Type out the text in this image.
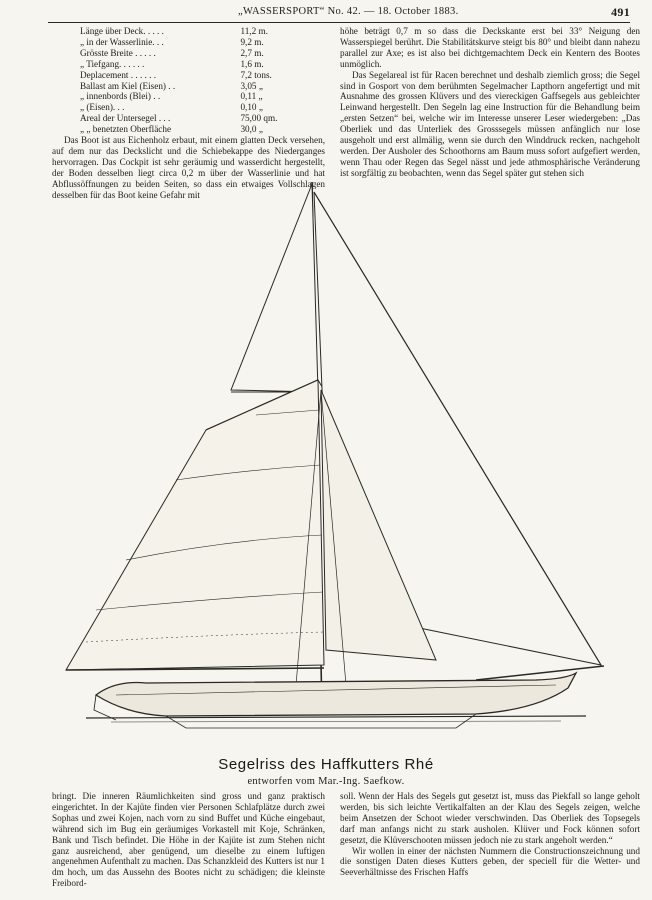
„WASSERSPORT“ No. 42. — 18. October 1883.	491

Länge über Deck. . . . .	11,2 m.
„ in der Wasserlinie. . .	9,2 m.
Grösste Breite . . . . .	2,7 m.
„ Tiefgang. . . . . .	1,6 m.
Deplacement . . . . . .	7,2 tons.
Ballast am Kiel (Eisen) . .	3,05 „
„ innenbords (Blei) . .	0,11 „
„ (Eisen). . .	0,10 „
Areal der Untersegel . . .	75,00 qm.
„ „ benetzten Oberfläche	30,0 „

Das Boot ist aus Eichenholz erbaut, mit einem glatten Deck versehen, auf dem nur das Deckslicht und die Schiebekappe des Niederganges hervorragen. Das Cockpit ist sehr geräumig und wasserdicht hergestellt, der Boden desselben liegt circa 0,2 m über der Wasserlinie und hat Abflussöffnungen zu beiden Seiten, so dass ein etwaiges Vollschlagen desselben für das Boot keine Gefahr mit

höhe beträgt 0,7 m so dass die Deckskante erst bei 33° Neigung den Wasserspiegel berührt. Die Stabilitätskurve steigt bis 80° und bleibt dann nahezu parallel zur Axe; es ist also bei dichtgemachtem Deck ein Kentern des Bootes unmöglich.

Das Segelareal ist für Racen berechnet und deshalb ziemlich gross; die Segel sind in Gosport von dem berühmten Segelmacher Lapthorn angefertigt und mit Ausnahme des grossen Klüvers und des viereckigen Gaffsegels aus gebleichter Leinwand hergestellt. Den Segeln lag eine Instruction für die Behandlung beim „ersten Setzen“ bei, welche wir im Interesse unserer Leser wiedergeben: „Das Oberliek und das Unterliek des Grosssegels müssen anfänglich nur lose ausgeholt und erst allmälig, wenn sie durch den Winddruck recken, nachgeholt werden. Der Ausholer des Schoothorns am Baum muss sofort aufgefiert werden, wenn Thau oder Regen das Segel nässt und jede athmosphärische Veränderung ist sorgfältig zu beobachten, wenn das Segel später gut stehen sich

Segelriss des Haffkutters Rhé
entworfen vom Mar.-Ing. Saefkow.

bringt. Die inneren Räumlichkeiten sind gross und ganz praktisch eingerichtet. In der Kajüte finden vier Personen Schlafplätze durch zwei Sophas und zwei Kojen, nach vorn zu sind Buffet und Küche eingebaut, während sich im Bug ein geräumiges Vorkastell mit Koje, Schränken, Bank und Tisch befindet. Die Höhe in der Kajüte ist zum Stehen nicht ganz ausreichend, aber genügend, um dieselbe zu einem luftigen angenehmen Aufenthalt zu machen. Das Schanzkleid des Kutters ist nur 1 dm hoch, um das Aussehn des Bootes nicht zu schädigen; die kleinste Freibord-

soll. Wenn der Hals des Segels gut gesetzt ist, muss das Piekfall so lange geholt werden, bis sich leichte Vertikalfalten an der Klau des Segels zeigen, welche beim Ansetzen der Schoot wieder verschwinden. Das Oberliek des Topsegels darf man anfangs nicht zu stark ausholen. Klüver und Fock können sofort gesetzt, die Klüverschooten müssen jedoch nie zu stark angeholt werden.“

Wir wollen in einer der nächsten Nummern die Constructionszeichnung und die sonstigen Daten dieses Kutters geben, der speciell für die Wetter- und Seeverhältnisse des Frischen Haffs
